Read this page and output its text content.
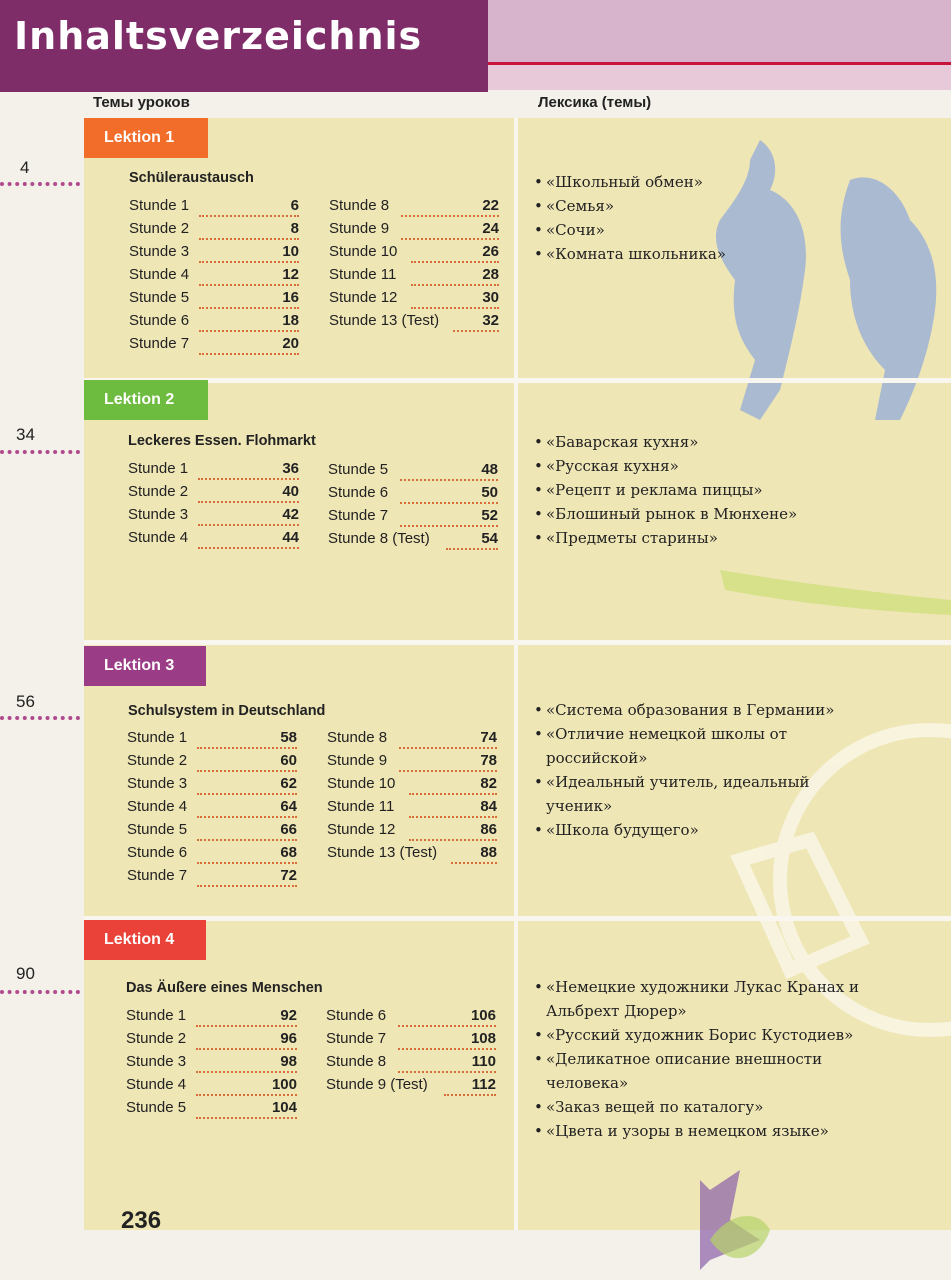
Inhaltsverzeichnis
Темы уроков	Лексика (темы)
Lektion 1
4
Schüleraustausch
Stunde 1	6
Stunde 2	8
Stunde 3	10
Stunde 4	12
Stunde 5	16
Stunde 6	18
Stunde 7	20
Stunde 8	22
Stunde 9	24
Stunde 10	26
Stunde 11	28
Stunde 12	30
Stunde 13 (Test)	32
• «Школьный обмен»
• «Семья»
• «Сочи»
• «Комната школьника»
Lektion 2
34	Leckeres Essen. Flohmarkt
Stunde 1	36
Stunde 2	40
Stunde 3	42
Stunde 4	44
Stunde 5	48
Stunde 6	50
Stunde 7	52
Stunde 8 (Test)	54
• «Баварская кухня»
• «Русская кухня»
• «Рецепт и реклама пиццы»
• «Блошиный рынок в Мюнхене»
• «Предметы старины»
Lektion 3
56	Schulsystem in Deutschland
Stunde 1	58
Stunde 2	60
Stunde 3	62
Stunde 4	64
Stunde 5	66
Stunde 6	68
Stunde 7	72
Stunde 8	74
Stunde 9	78
Stunde 10	82
Stunde 11	84
Stunde 12	86
Stunde 13 (Test)	88
• «Система образования в Германии»
• «Отличие немецкой школы от российской»
• «Идеальный учитель, идеальный ученик»
• «Школа будущего»
Lektion 4
90
Das Äußere eines Menschen
Stunde 1	92
Stunde 2	96
Stunde 3	98
Stunde 4	100
Stunde 5	104
Stunde 6	106
Stunde 7	108
Stunde 8	110
Stunde 9 (Test)	112
• «Немецкие художники Лукас Кранах и Альбрехт Дюрер»
• «Русский художник Борис Кустодиев»
• «Деликатное описание внешности человека»
• «Заказ вещей по каталогу»
• «Цвета и узоры в немецком языке»
236
